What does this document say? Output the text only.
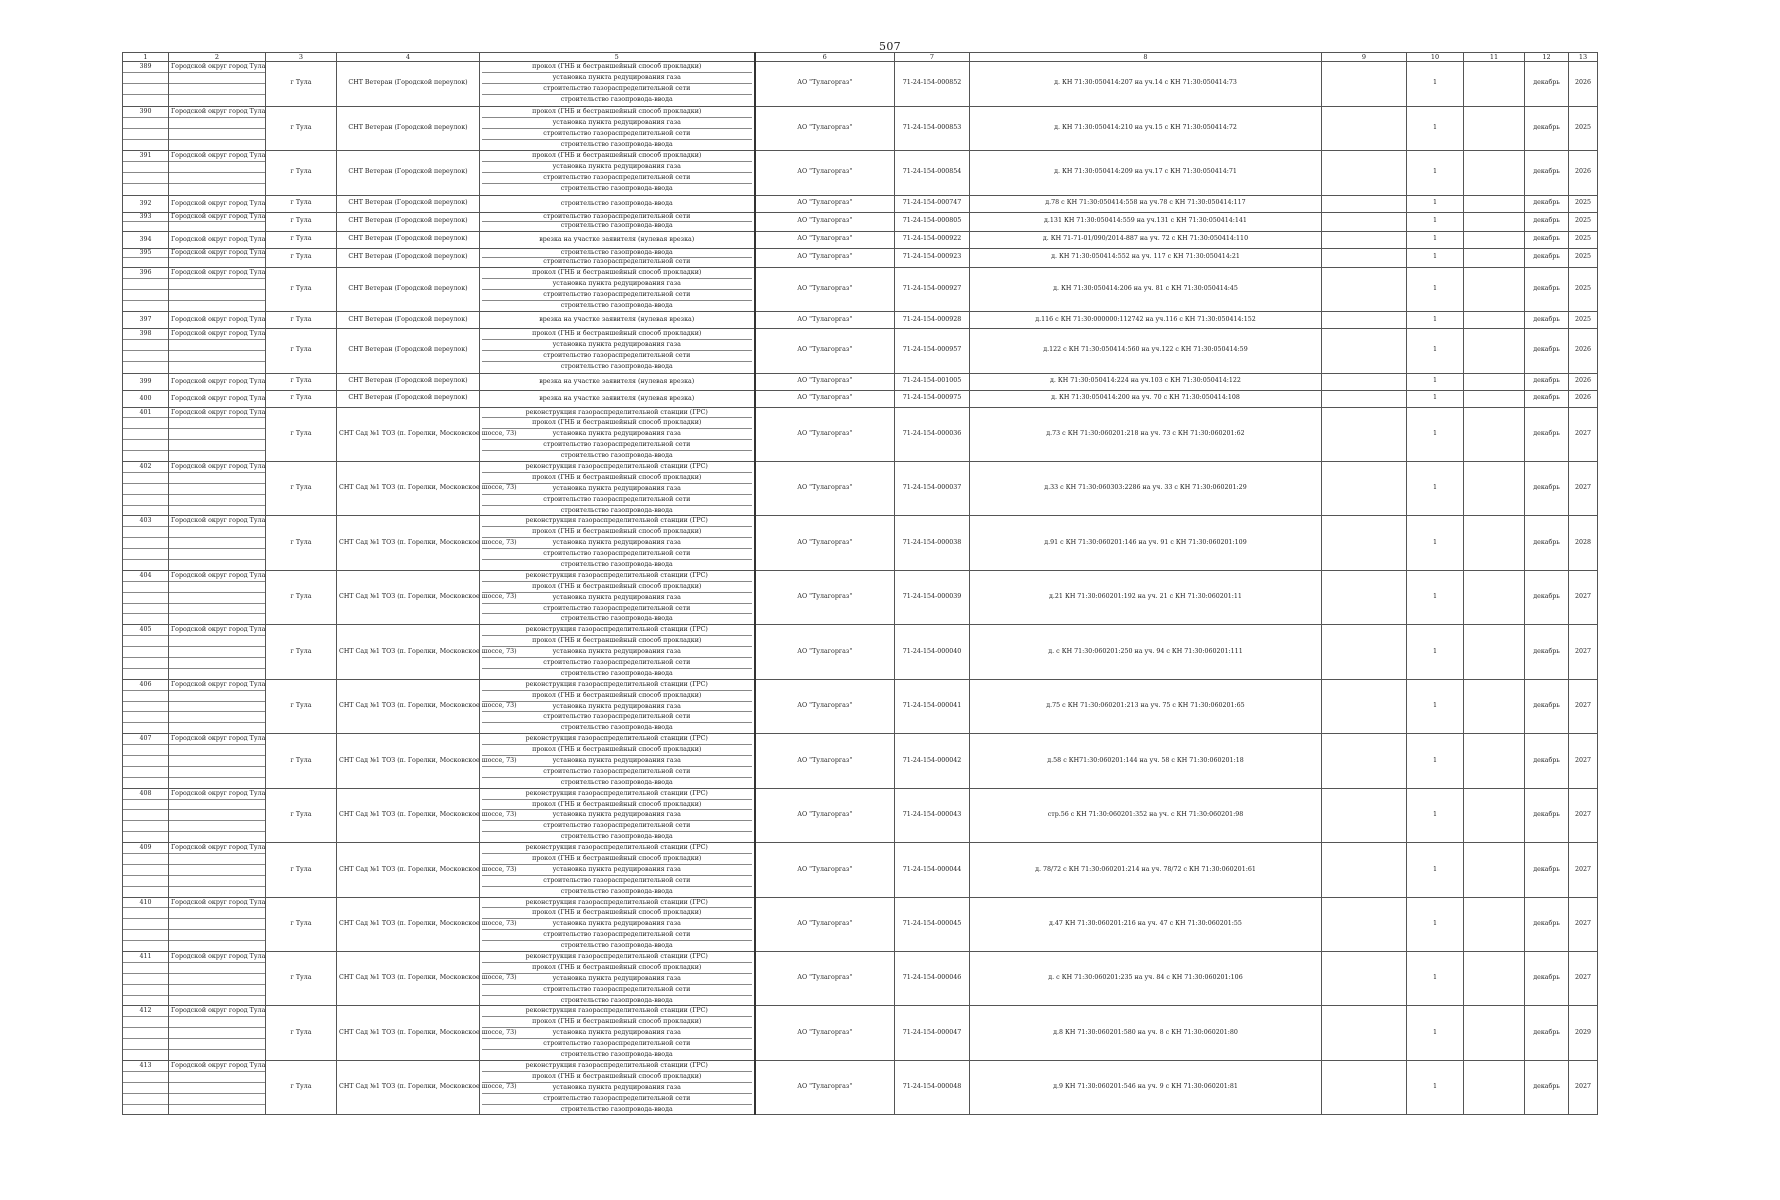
507
1	2	3	4	5	6	7	8	9	10	11	12	13

389	Городской округ город Тула	г Тула	СНТ Ветеран (Городской переулок)	прокол (ГНБ и бестраншейный способ прокладки)
установка пункта редуцирования газа
строительство газораспределительной сети
строительство газопровода-ввода	АО "Тулагоргаз"	71-24-154-000852	д. КН 71:30:050414:207 на уч.14 с КН 71:30:050414:73		1		декабрь	2026

390	Городской округ город Тула	г Тула	СНТ Ветеран (Городской переулок)	прокол (ГНБ и бестраншейный способ прокладки)
установка пункта редуцирования газа
строительство газораспределительной сети
строительство газопровода-ввода	АО "Тулагоргаз"	71-24-154-000853	д. КН 71:30:050414:210 на уч.15 с КН 71:30:050414:72		1		декабрь	2025

391	Городской округ город Тула	г Тула	СНТ Ветеран (Городской переулок)	прокол (ГНБ и бестраншейный способ прокладки)
установка пункта редуцирования газа
строительство газораспределительной сети
строительство газопровода-ввода	АО "Тулагоргаз"	71-24-154-000854	д. КН 71:30:050414:209 на уч.17 с КН 71:30:050414:71		1		декабрь	2026

392	Городской округ город Тула	г Тула	СНТ Ветеран (Городской переулок)	строительство газопровода-ввода	АО "Тулагоргаз"	71-24-154-000747	д.78 с КН 71:30:050414:558 на уч.78 с КН 71:30:050414:117		1		декабрь	2025

393	Городской округ город Тула	г Тула	СНТ Ветеран (Городской переулок)	строительство газораспределительной сети
строительство газопровода-ввода	АО "Тулагоргаз"	71-24-154-000805	д.131 КН 71:30:050414:559 на уч.131 с КН 71:30:050414:141		1		декабрь	2025

394	Городской округ город Тула	г Тула	СНТ Ветеран (Городской переулок)	врезка на участке заявителя (нулевая врезка)	АО "Тулагоргаз"	71-24-154-000922	д. КН 71-71-01/090/2014-887 на уч. 72 с КН 71:30:050414:110		1		декабрь	2025

395	Городской округ город Тула	г Тула	СНТ Ветеран (Городской переулок)	строительство газопровода-ввода
строительство газораспределительной сети	АО "Тулагоргаз"	71-24-154-000923	д. КН 71:30:050414:552 на уч. 117 с КН 71:30:050414:21		1		декабрь	2025

396	Городской округ город Тула	г Тула	СНТ Ветеран (Городской переулок)	прокол (ГНБ и бестраншейный способ прокладки)
установка пункта редуцирования газа
строительство газораспределительной сети
строительство газопровода-ввода	АО "Тулагоргаз"	71-24-154-000927	д. КН 71:30:050414:206 на уч. 81 с КН 71:30:050414:45		1		декабрь	2025

397	Городской округ город Тула	г Тула	СНТ Ветеран (Городской переулок)	врезка на участке заявителя (нулевая врезка)	АО "Тулагоргаз"	71-24-154-000928	д.116 с КН 71:30:000000:112742 на уч.116 с КН 71:30:050414:152		1		декабрь	2025

398	Городской округ город Тула	г Тула	СНТ Ветеран (Городской переулок)	прокол (ГНБ и бестраншейный способ прокладки)
установка пункта редуцирования газа
строительство газораспределительной сети
строительство газопровода-ввода	АО "Тулагоргаз"	71-24-154-000957	д.122 с КН 71:30:050414:560 на уч.122 с КН 71:30:050414:59		1		декабрь	2026

399	Городской округ город Тула	г Тула	СНТ Ветеран (Городской переулок)	врезка на участке заявителя (нулевая врезка)	АО "Тулагоргаз"	71-24-154-001005	д. КН 71:30:050414:224 на уч.103 с КН 71:30:050414:122		1		декабрь	2026

400	Городской округ город Тула	г Тула	СНТ Ветеран (Городской переулок)	врезка на участке заявителя (нулевая врезка)	АО "Тулагоргаз"	71-24-154-000975	д. КН 71:30:050414:200 на уч. 70 с КН 71:30:050414:108		1		декабрь	2026

401	Городской округ город Тула	г Тула	СНТ Сад №1 ТОЗ (п. Горелки, Московское шоссе, 73)	реконструкция газораспределительной станции (ГРС)
прокол (ГНБ и бестраншейный способ прокладки)
установка пункта редуцирования газа
строительство газораспределительной сети
строительство газопровода-ввода	АО "Тулагоргаз"	71-24-154-000036	д.73 с КН 71:30:060201:218 на уч. 73 с КН 71:30:060201:62		1		декабрь	2027

402	Городской округ город Тула	г Тула	СНТ Сад №1 ТОЗ (п. Горелки, Московское шоссе, 73)	реконструкция газораспределительной станции (ГРС)
прокол (ГНБ и бестраншейный способ прокладки)
установка пункта редуцирования газа
строительство газораспределительной сети
строительство газопровода-ввода	АО "Тулагоргаз"	71-24-154-000037	д.33 с КН 71:30:060303:2286 на уч. 33 с КН 71:30:060201:29		1		декабрь	2027

403	Городской округ город Тула	г Тула	СНТ Сад №1 ТОЗ (п. Горелки, Московское шоссе, 73)	реконструкция газораспределительной станции (ГРС)
прокол (ГНБ и бестраншейный способ прокладки)
установка пункта редуцирования газа
строительство газораспределительной сети
строительство газопровода-ввода	АО "Тулагоргаз"	71-24-154-000038	д.91 с КН 71:30:060201:146 на уч. 91 с КН 71:30:060201:109		1		декабрь	2028

404	Городской округ город Тула	г Тула	СНТ Сад №1 ТОЗ (п. Горелки, Московское шоссе, 73)	реконструкция газораспределительной станции (ГРС)
прокол (ГНБ и бестраншейный способ прокладки)
установка пункта редуцирования газа
строительство газораспределительной сети
строительство газопровода-ввода	АО "Тулагоргаз"	71-24-154-000039	д.21 КН 71:30:060201:192 на уч. 21 с КН 71:30:060201:11		1		декабрь	2027

405	Городской округ город Тула	г Тула	СНТ Сад №1 ТОЗ (п. Горелки, Московское шоссе, 73)	реконструкция газораспределительной станции (ГРС)
прокол (ГНБ и бестраншейный способ прокладки)
установка пункта редуцирования газа
строительство газораспределительной сети
строительство газопровода-ввода	АО "Тулагоргаз"	71-24-154-000040	д. с КН 71:30:060201:250 на уч. 94 с КН 71:30:060201:111		1		декабрь	2027

406	Городской округ город Тула	г Тула	СНТ Сад №1 ТОЗ (п. Горелки, Московское шоссе, 73)	реконструкция газораспределительной станции (ГРС)
прокол (ГНБ и бестраншейный способ прокладки)
установка пункта редуцирования газа
строительство газораспределительной сети
строительство газопровода-ввода	АО "Тулагоргаз"	71-24-154-000041	д.75 с КН 71:30:060201:213 на уч. 75 с КН 71:30:060201:65		1		декабрь	2027

407	Городской округ город Тула	г Тула	СНТ Сад №1 ТОЗ (п. Горелки, Московское шоссе, 73)	реконструкция газораспределительной станции (ГРС)
прокол (ГНБ и бестраншейный способ прокладки)
установка пункта редуцирования газа
строительство газораспределительной сети
строительство газопровода-ввода	АО "Тулагоргаз"	71-24-154-000042	д.58 с КН71:30:060201:144 на уч. 58 с КН 71:30:060201:18		1		декабрь	2027

408	Городской округ город Тула	г Тула	СНТ Сад №1 ТОЗ (п. Горелки, Московское шоссе, 73)	реконструкция газораспределительной станции (ГРС)
прокол (ГНБ и бестраншейный способ прокладки)
установка пункта редуцирования газа
строительство газораспределительной сети
строительство газопровода-ввода	АО "Тулагоргаз"	71-24-154-000043	стр.56 с КН 71:30:060201:352 на уч. с КН 71:30:060201:98		1		декабрь	2027

409	Городской округ город Тула	г Тула	СНТ Сад №1 ТОЗ (п. Горелки, Московское шоссе, 73)	реконструкция газораспределительной станции (ГРС)
прокол (ГНБ и бестраншейный способ прокладки)
установка пункта редуцирования газа
строительство газораспределительной сети
строительство газопровода-ввода	АО "Тулагоргаз"	71-24-154-000044	д. 78/72 с КН 71:30:060201:214 на уч. 78/72 с КН 71:30:060201:61		1		декабрь	2027

410	Городской округ город Тула	г Тула	СНТ Сад №1 ТОЗ (п. Горелки, Московское шоссе, 73)	реконструкция газораспределительной станции (ГРС)
прокол (ГНБ и бестраншейный способ прокладки)
установка пункта редуцирования газа
строительство газораспределительной сети
строительство газопровода-ввода	АО "Тулагоргаз"	71-24-154-000045	д.47 КН 71:30:060201:216 на уч. 47 с КН 71:30:060201:55		1		декабрь	2027

411	Городской округ город Тула	г Тула	СНТ Сад №1 ТОЗ (п. Горелки, Московское шоссе, 73)	реконструкция газораспределительной станции (ГРС)
прокол (ГНБ и бестраншейный способ прокладки)
установка пункта редуцирования газа
строительство газораспределительной сети
строительство газопровода-ввода	АО "Тулагоргаз"	71-24-154-000046	д. с КН 71:30:060201:235 на уч. 84 с КН 71:30:060201:106		1		декабрь	2027

412	Городской округ город Тула	г Тула	СНТ Сад №1 ТОЗ (п. Горелки, Московское шоссе, 73)	реконструкция газораспределительной станции (ГРС)
прокол (ГНБ и бестраншейный способ прокладки)
установка пункта редуцирования газа
строительство газораспределительной сети
строительство газопровода-ввода	АО "Тулагоргаз"	71-24-154-000047	д.8 КН 71:30:060201:580 на уч. 8 с КН 71:30:060201:80		1		декабрь	2029

413	Городской округ город Тула	г Тула	СНТ Сад №1 ТОЗ (п. Горелки, Московское шоссе, 73)	реконструкция газораспределительной станции (ГРС)
прокол (ГНБ и бестраншейный способ прокладки)
установка пункта редуцирования газа
строительство газораспределительной сети
строительство газопровода-ввода	АО "Тулагоргаз"	71-24-154-000048	д.9 КН 71:30:060201:546 на уч. 9 с КН 71:30:060201:81		1		декабрь	2027
